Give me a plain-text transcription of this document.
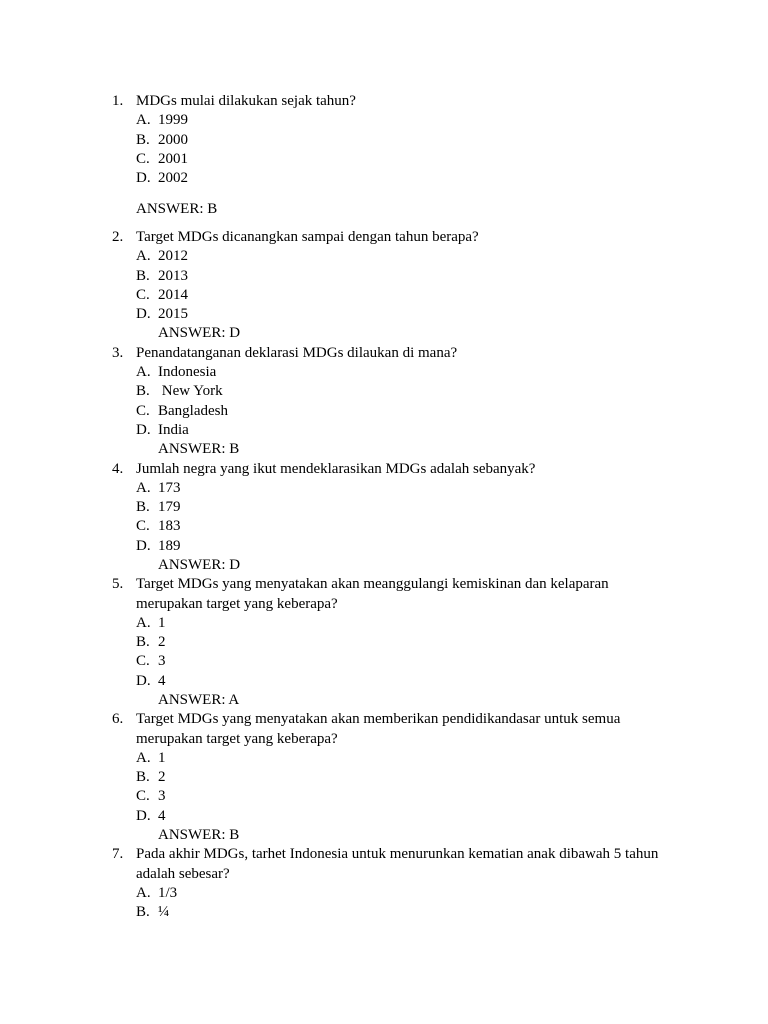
1. MDGs mulai dilakukan sejak tahun?
A. 1999
B. 2000
C. 2001
D. 2002
ANSWER: B
2. Target MDGs dicanangkan sampai dengan tahun berapa?
A. 2012
B. 2013
C. 2014
D. 2015
ANSWER: D
3. Penandatanganan deklarasi MDGs dilaukan di mana?
A. Indonesia
B. New York
C. Bangladesh
D. India
ANSWER: B
4. Jumlah negra yang ikut mendeklarasikan MDGs adalah sebanyak?
A. 173
B. 179
C. 183
D. 189
ANSWER: D
5. Target MDGs yang menyatakan akan meanggulangi kemiskinan dan kelaparan
merupakan target yang keberapa?
A. 1
B. 2
C. 3
D. 4
ANSWER: A
6. Target MDGs yang menyatakan akan memberikan pendidikandasar untuk semua
merupakan target yang keberapa?
A. 1
B. 2
C. 3
D. 4
ANSWER: B
7. Pada akhir MDGs, tarhet Indonesia untuk menurunkan kematian anak dibawah 5 tahun
adalah sebesar?
A. 1/3
B. ¼
